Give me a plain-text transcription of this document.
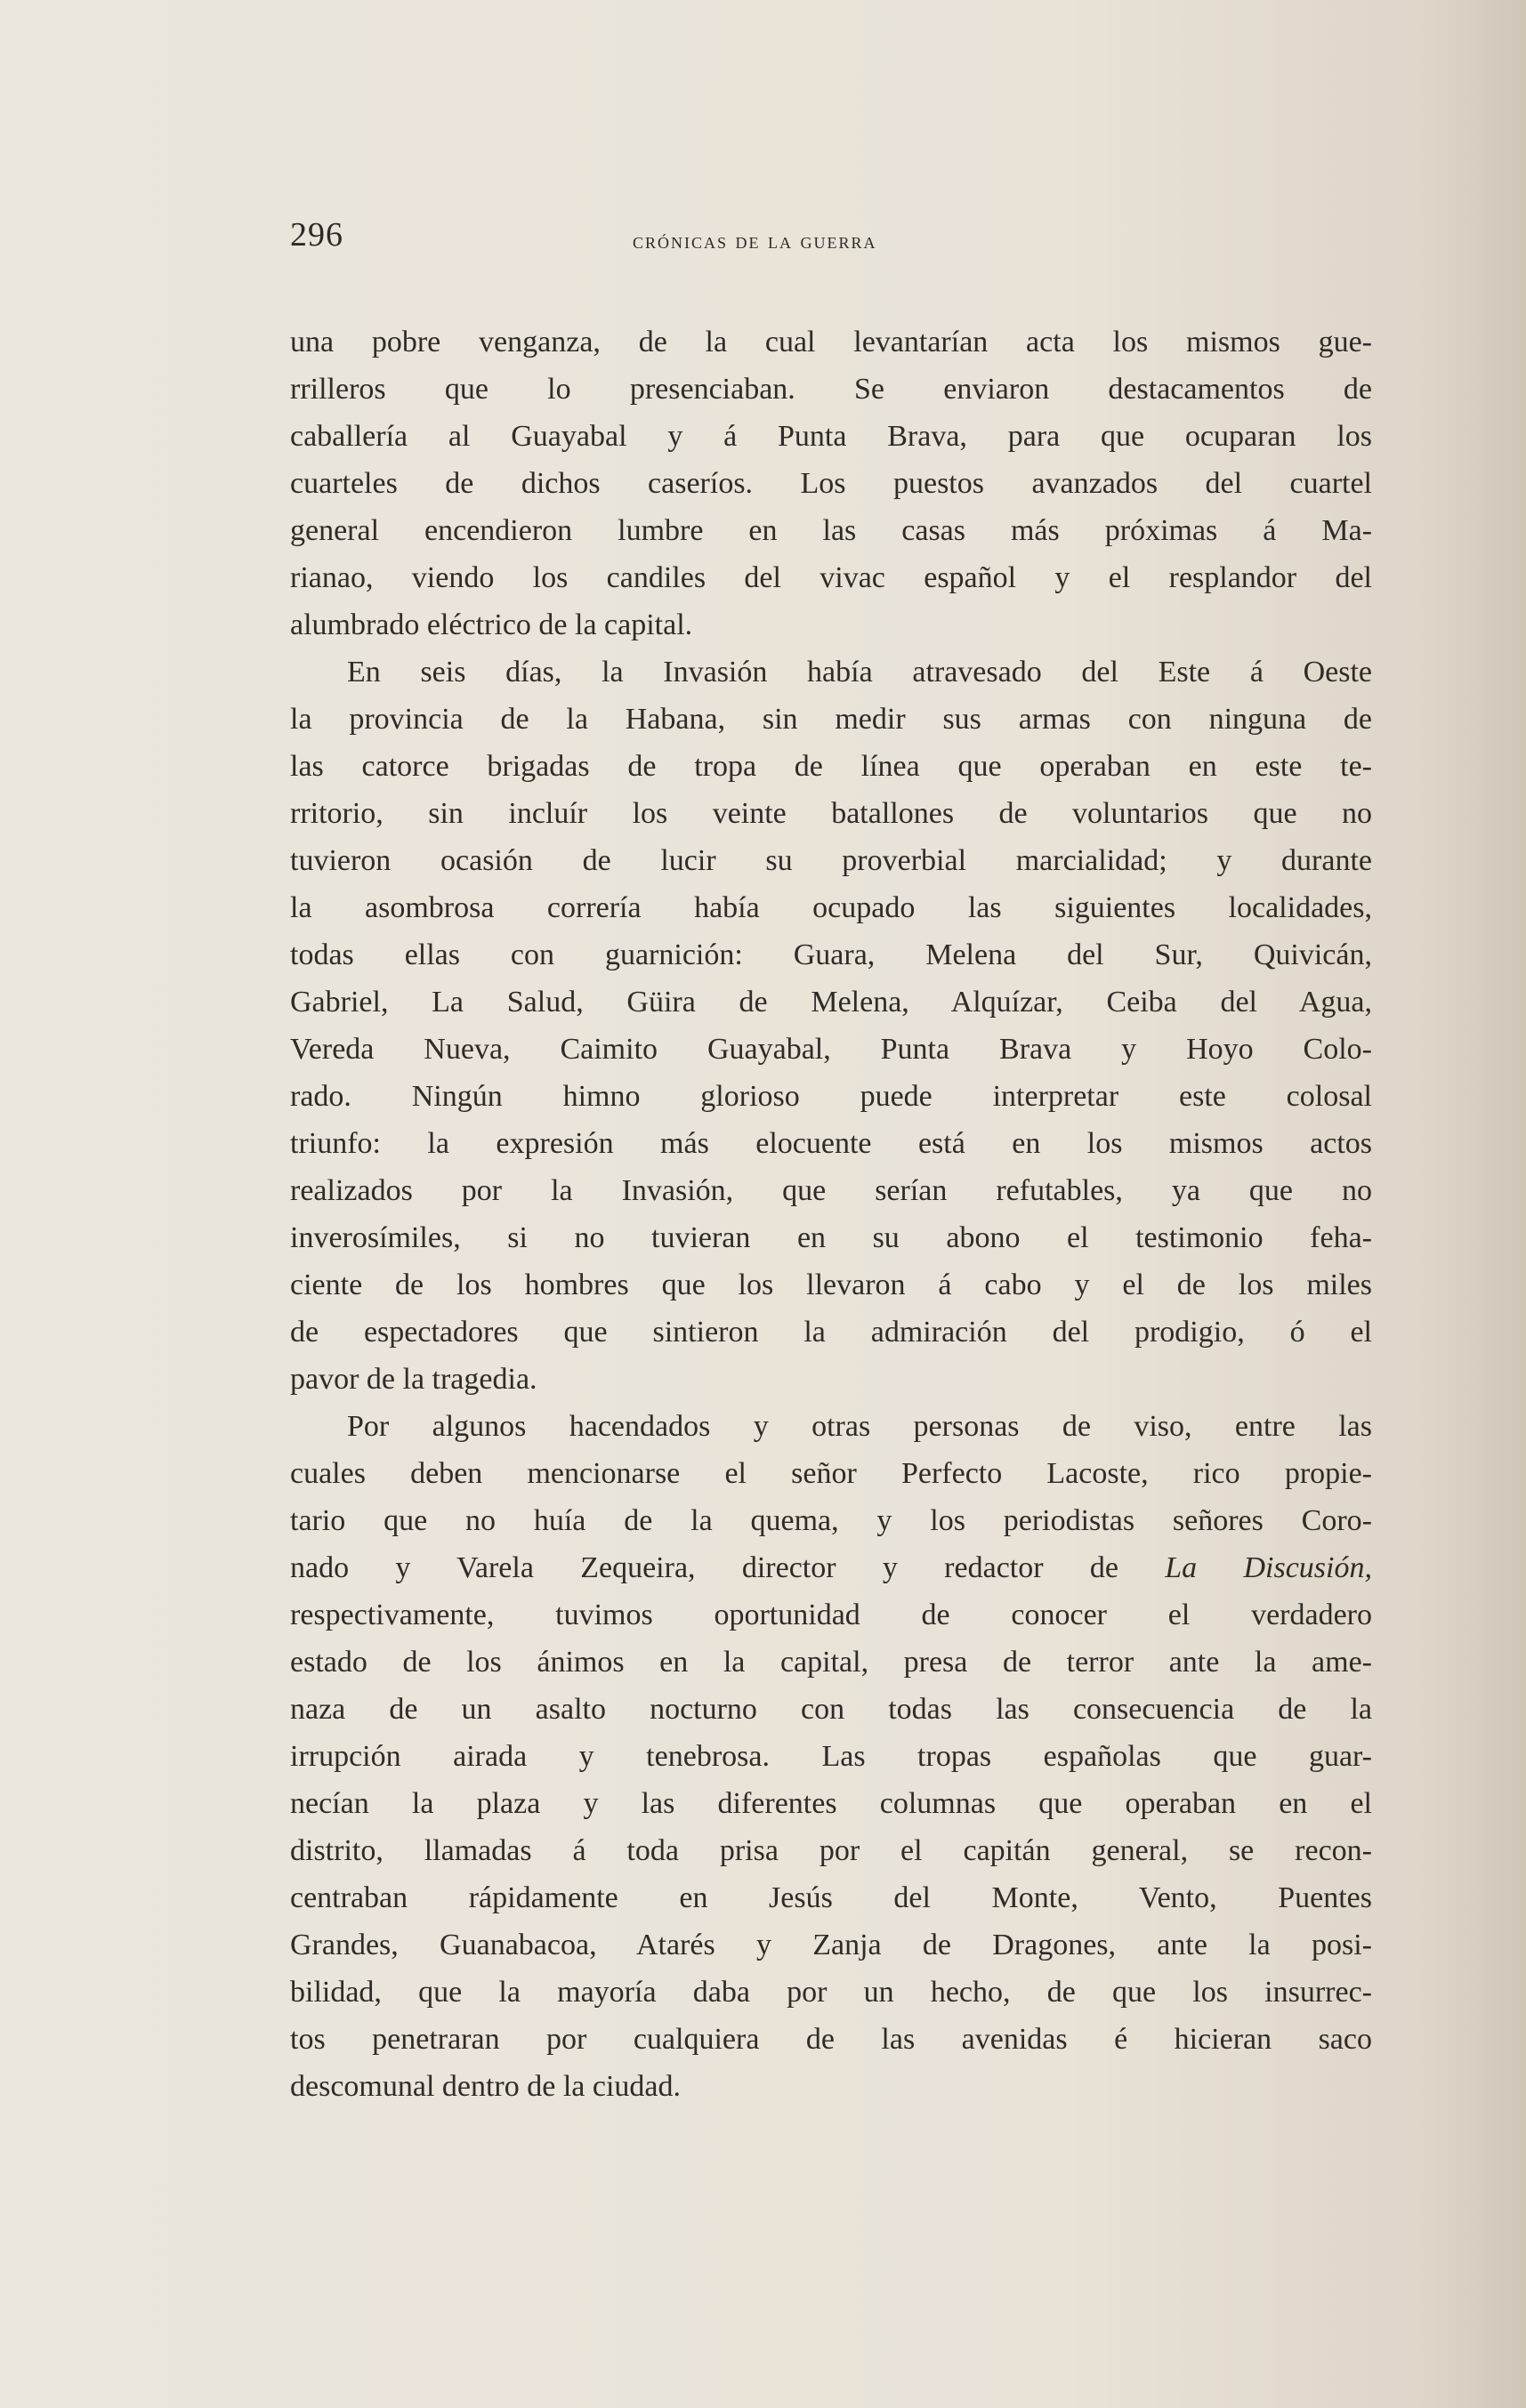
296	crónicas de la guerra

una pobre venganza, de la cual levantarían acta los mismos gue-
rrilleros que lo presenciaban. Se enviaron destacamentos de
caballería al Guayabal y á Punta Brava, para que ocuparan los
cuarteles de dichos caseríos. Los puestos avanzados del cuartel
general encendieron lumbre en las casas más próximas á Ma-
rianao, viendo los candiles del vivac español y el resplandor del
alumbrado eléctrico de la capital.

En seis días, la Invasión había atravesado del Este á Oeste
la provincia de la Habana, sin medir sus armas con ninguna de
las catorce brigadas de tropa de línea que operaban en este te-
rritorio, sin incluír los veinte batallones de voluntarios que no
tuvieron ocasión de lucir su proverbial marcialidad; y durante
la asombrosa correría había ocupado las siguientes localidades,
todas ellas con guarnición: Guara, Melena del Sur, Quivicán,
Gabriel, La Salud, Güira de Melena, Alquízar, Ceiba del Agua,
Vereda Nueva, Caimito Guayabal, Punta Brava y Hoyo Colo-
rado. Ningún himno glorioso puede interpretar este colosal
triunfo: la expresión más elocuente está en los mismos actos
realizados por la Invasión, que serían refutables, ya que no
inverosímiles, si no tuvieran en su abono el testimonio feha-
ciente de los hombres que los llevaron á cabo y el de los miles
de espectadores que sintieron la admiración del prodigio, ó el
pavor de la tragedia.

Por algunos hacendados y otras personas de viso, entre las
cuales deben mencionarse el señor Perfecto Lacoste, rico propie-
tario que no huía de la quema, y los periodistas señores Coro-
nado y Varela Zequeira, director y redactor de La Discusión,
respectivamente, tuvimos oportunidad de conocer el verdadero
estado de los ánimos en la capital, presa de terror ante la ame-
naza de un asalto nocturno con todas las consecuencia de la
irrupción airada y tenebrosa. Las tropas españolas que guar-
necían la plaza y las diferentes columnas que operaban en el
distrito, llamadas á toda prisa por el capitán general, se recon-
centraban rápidamente en Jesús del Monte, Vento, Puentes
Grandes, Guanabacoa, Atarés y Zanja de Dragones, ante la posi-
bilidad, que la mayoría daba por un hecho, de que los insurrec-
tos penetraran por cualquiera de las avenidas é hicieran saco
descomunal dentro de la ciudad.
